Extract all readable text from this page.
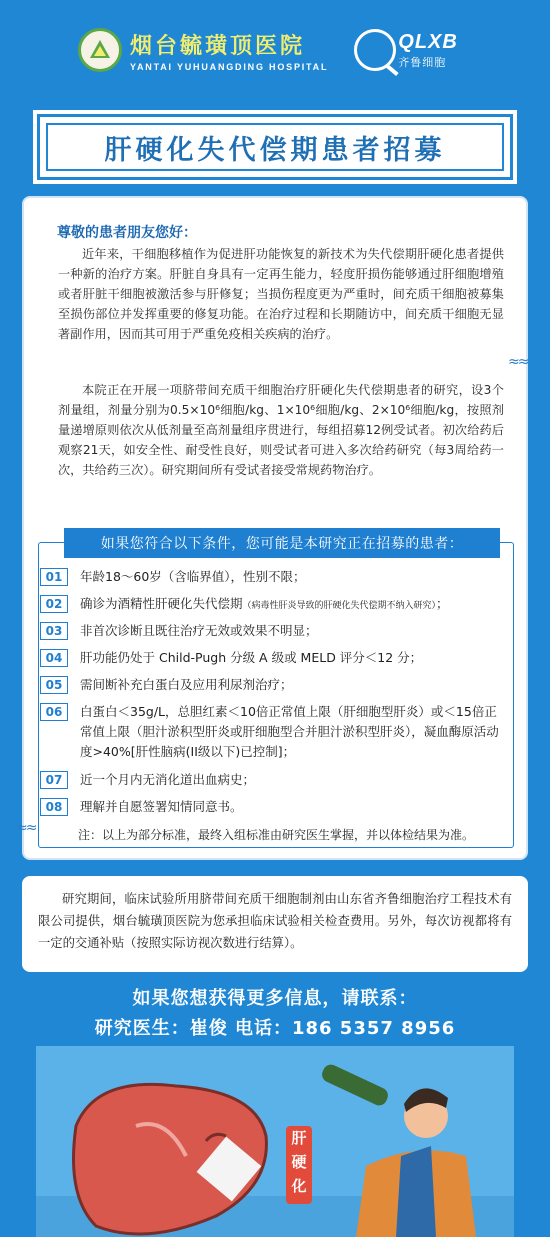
烟台毓璜顶医院
YANTAI YUHUANGDING HOSPITAL
QLXB
齐鲁细胞
肝硬化失代偿期患者招募
尊敬的患者朋友您好：
近年来，干细胞移植作为促进肝功能恢复的新技术为失代偿期肝硬化患者提供一种新的治疗方案。肝脏自身具有一定再生能力，轻度肝损伤能够通过肝细胞增殖或者肝脏干细胞被激活参与肝修复；当损伤程度更为严重时，间充质干细胞被募集至损伤部位并发挥重要的修复功能。在治疗过程和长期随访中，间充质干细胞无显著副作用，因而其可用于严重免疫相关疾病的治疗。
≈≈
本院正在开展一项脐带间充质干细胞治疗肝硬化失代偿期患者的研究，设3个剂量组，剂量分别为0.5×10⁶细胞/kg、1×10⁶细胞/kg、2×10⁶细胞/kg，按照剂量递增原则依次从低剂量至高剂量组序贯进行，每组招募12例受试者。初次给药后观察21天，如安全性、耐受性良好，则受试者可进入多次给药研究（每3周给药一次，共给药三次）。研究期间所有受试者接受常规药物治疗。
如果您符合以下条件，您可能是本研究正在招募的患者：
01	年龄18～60岁（含临界值），性别不限；
02	确诊为酒精性肝硬化失代偿期（病毒性肝炎导致的肝硬化失代偿期不纳入研究）；
03	非首次诊断且既往治疗无效或效果不明显；
04	肝功能仍处于 Child-Pugh 分级 A 级或 MELD 评分＜12 分；
05	需间断补充白蛋白及应用利尿剂治疗；
06	白蛋白＜35g/L，总胆红素＜10倍正常值上限（肝细胞型肝炎）或＜15倍正常值上限（胆汁淤积型肝炎或肝细胞型合并胆汁淤积型肝炎），凝血酶原活动度>40%[肝性脑病(II级以下)已控制]；
07	近一个月内无消化道出血病史；
08	理解并自愿签署知情同意书。
注：以上为部分标准，最终入组标准由研究医生掌握，并以体检结果为准。
≈≈
研究期间，临床试验所用脐带间充质干细胞制剂由山东省齐鲁细胞治疗工程技术有限公司提供，烟台毓璜顶医院为您承担临床试验相关检查费用。另外，每次访视都将有一定的交通补贴（按照实际访视次数进行结算）。
如果您想获得更多信息，请联系：
研究医生：崔俊 电话：186 5357 8956
肝硬化
